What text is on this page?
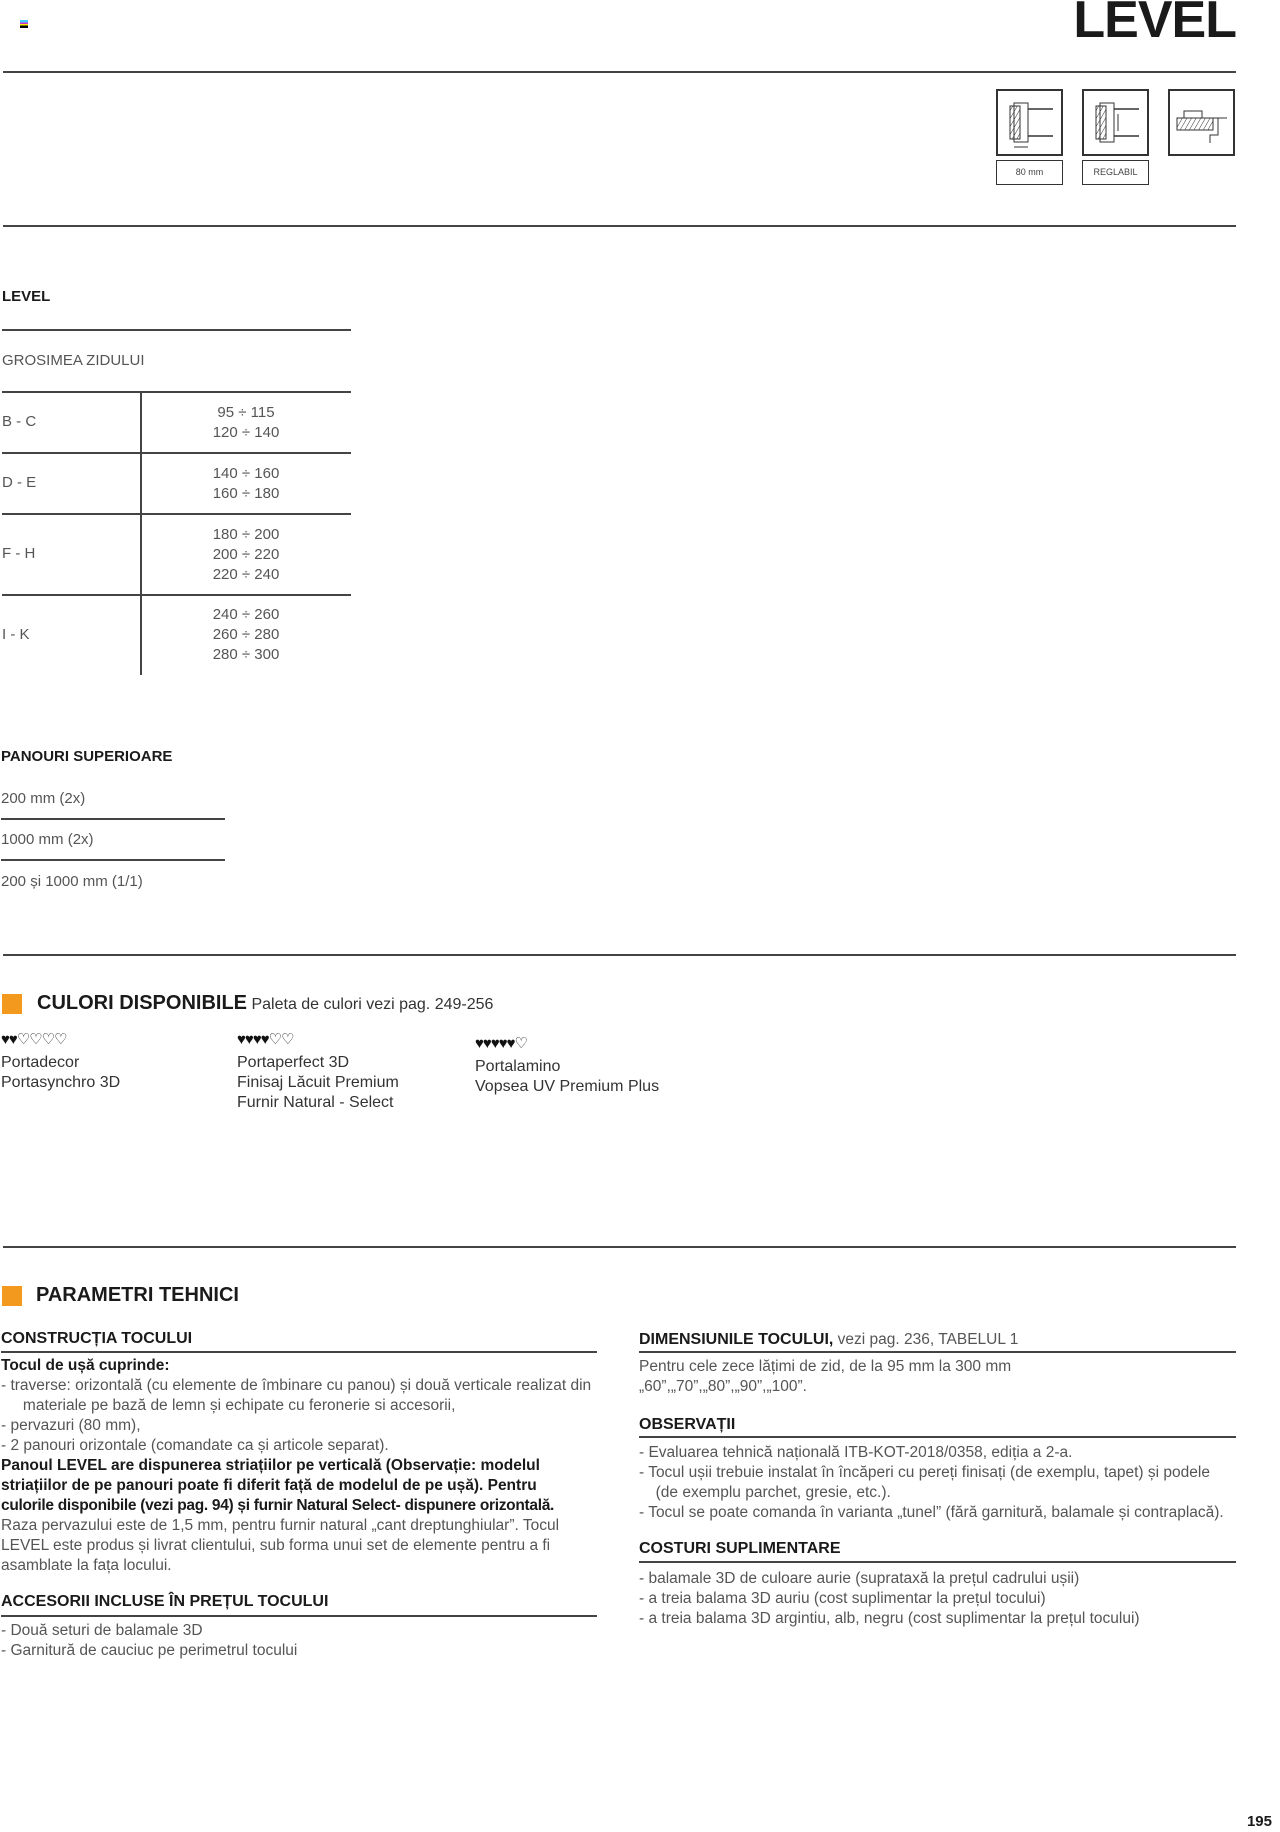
LEVEL
80 mm	REGLABIL
LEVEL
GROSIMEA ZIDULUI
B - C
95 ÷ 115
120 ÷ 140
D - E
140 ÷ 160
160 ÷ 180
F - H
180 ÷ 200
200 ÷ 220
220 ÷ 240
I - K
240 ÷ 260
260 ÷ 280
280 ÷ 300
PANOURI SUPERIOARE
200 mm (2x)
1000 mm (2x)
200 și 1000 mm (1/1)
CULORI DISPONIBILE Paleta de culori vezi pag. 249-256
♥♥♡♡♡♡
Portadecor
Portasynchro 3D
♥♥♥♥♡♡
Portaperfect 3D
Finisaj Lăcuit Premium
Furnir Natural - Select
♥♥♥♥♥♡
Portalamino
Vopsea UV Premium Plus
PARAMETRI TEHNICI
CONSTRUCȚIA TOCULUI
Tocul de ușă cuprinde:
- traverse: orizontală (cu elemente de îmbinare cu panou) și două verticale realizat din
materiale pe bază de lemn și echipate cu feronerie si accesorii,
- pervazuri (80 mm),
- 2 panouri orizontale (comandate ca și articole separat).
Panoul LEVEL are dispunerea striațiilor pe verticală (Observație: modelul
striațiilor de pe panouri poate fi diferit față de modelul de pe ușă). Pentru
culorile disponibile (vezi pag. 94) și furnir Natural Select- dispunere orizontală.
Raza pervazului este de 1,5 mm, pentru furnir natural „cant dreptunghiular”. Tocul
LEVEL este produs și livrat clientului, sub forma unui set de elemente pentru a fi
asamblate la fața locului.
ACCESORII INCLUSE ÎN PREȚUL TOCULUI
- Două seturi de balamale 3D
- Garnitură de cauciuc pe perimetrul tocului
DIMENSIUNILE TOCULUI, vezi pag. 236, TABELUL 1
Pentru cele zece lățimi de zid, de la 95 mm la 300 mm
„60”,„70”,„80”,„90”,„100”.
OBSERVAȚII
- Evaluarea tehnică națională ITB-KOT-2018/0358, ediția a 2-a.
- Tocul ușii trebuie instalat în încăperi cu pereți finisați (de exemplu, tapet) și podele
(de exemplu parchet, gresie, etc.).
- Tocul se poate comanda în varianta „tunel” (fără garnitură, balamale și contraplacă).
COSTURI SUPLIMENTARE
- balamale 3D de culoare aurie (supratаxă la prețul cadrului ușii)
- a treia balama 3D auriu (cost suplimentar la prețul tocului)
- a treia balama 3D argintiu, alb, negru (cost suplimentar la prețul tocului)
195
